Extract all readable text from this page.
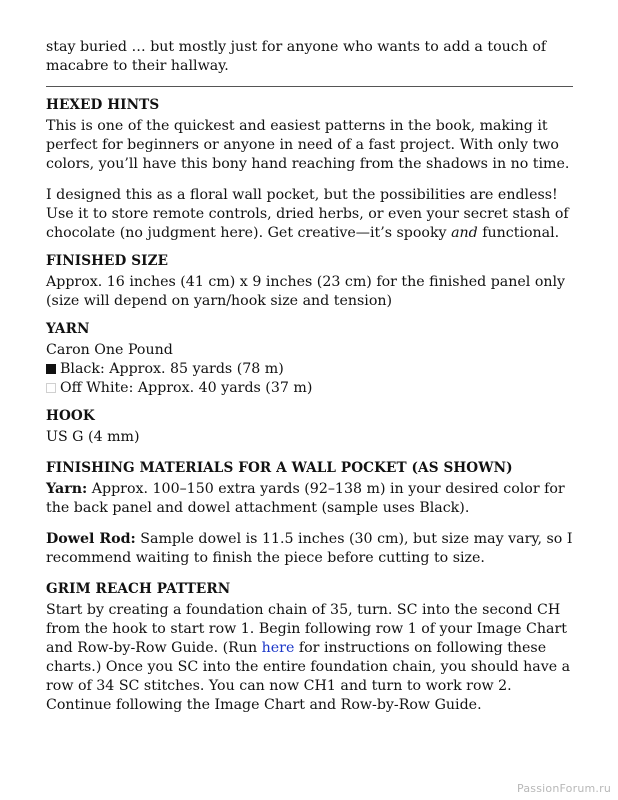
stay buried … but mostly just for anyone who wants to add a touch of macabre to their hallway.

HEXED HINTS

This is one of the quickest and easiest patterns in the book, making it perfect for beginners or anyone in need of a fast project. With only two colors, you’ll have this bony hand reaching from the shadows in no time.

I designed this as a floral wall pocket, but the possibilities are endless! Use it to store remote controls, dried herbs, or even your secret stash of chocolate (no judgment here). Get creative—it’s spooky and functional.

FINISHED SIZE

Approx. 16 inches (41 cm) x 9 inches (23 cm) for the finished panel only (size will depend on yarn/hook size and tension)

YARN

Caron One Pound

Black: Approx. 85 yards (78 m)

Off White: Approx. 40 yards (37 m)

HOOK

US G (4 mm)

FINISHING MATERIALS FOR A WALL POCKET (AS SHOWN)

Yarn: Approx. 100–150 extra yards (92–138 m) in your desired color for the back panel and dowel attachment (sample uses Black).

Dowel Rod: Sample dowel is 11.5 inches (30 cm), but size may vary, so I recommend waiting to finish the piece before cutting to size.

GRIM REACH PATTERN

Start by creating a foundation chain of 35, turn. SC into the second CH from the hook to start row 1. Begin following row 1 of your Image Chart and Row-by-Row Guide. (Run here for instructions on following these charts.) Once you SC into the entire foundation chain, you should have a row of 34 SC stitches. You can now CH1 and turn to work row 2. Continue following the Image Chart and Row-by-Row Guide.

PassionForum.ru
